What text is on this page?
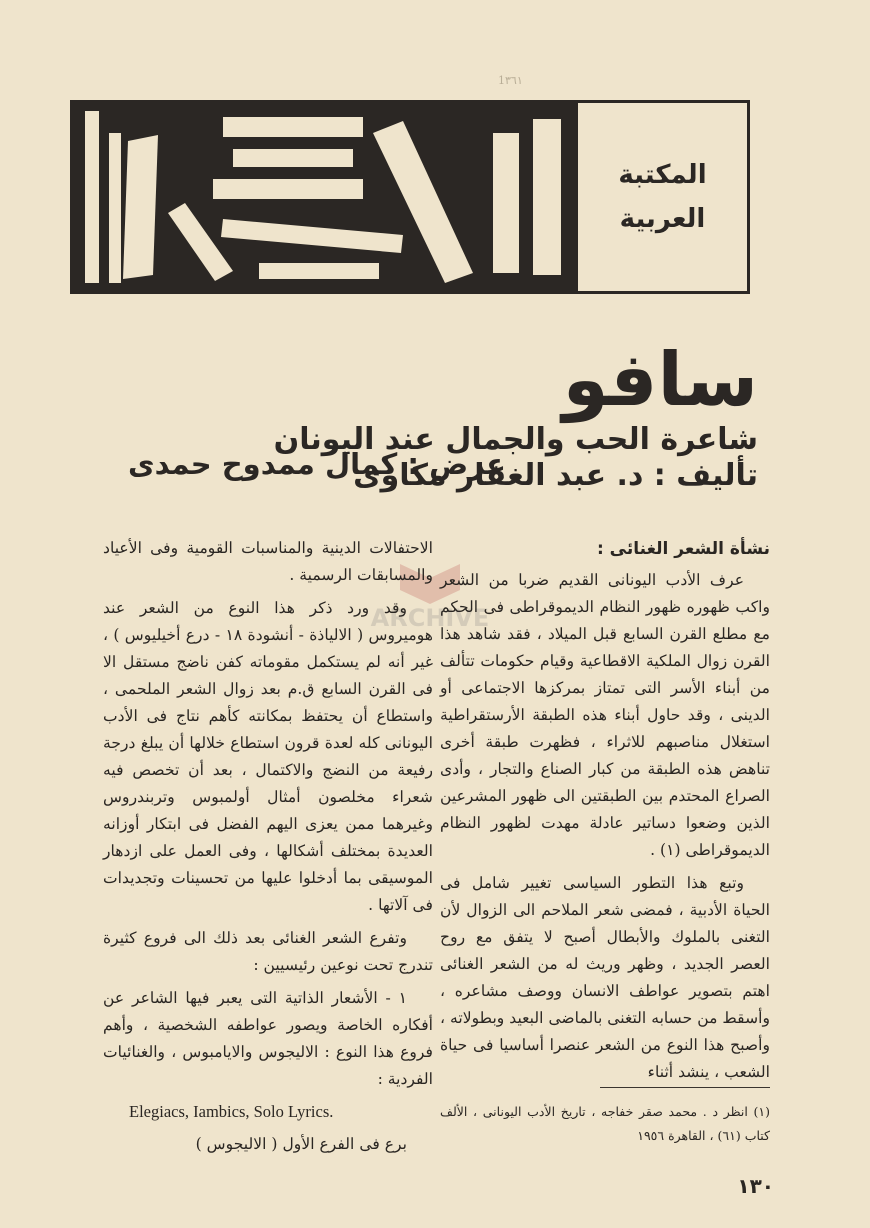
1٣٦١
المكتبة
العربية
سافو
شاعرة الحب والجمال عند اليونان
تأليف : د. عبد الغفار مكاوى
عرض : كمال ممدوح حمدى
ARCHIVE
نشأة الشعر الغنائى :

عرف الأدب اليونانى القديم ضربا من الشعر واكب ظهوره ظهور النظام الديموقراطى فى الحكم مع مطلع القرن السابع قبل الميلاد ، فقد شاهد هذا القرن زوال الملكية الاقطاعية وقيام حكومات تتألف من أبناء الأسر التى تمتاز بمركزها الاجتماعى أو الدينى ، وقد حاول أبناء هذه الطبقة الأرستقراطية استغلال مناصبهم للاثراء ، فظهرت طبقة أخرى تناهض هذه الطبقة من كبار الصناع والتجار ، وأدى الصراع المحتدم بين الطبقتين الى ظهور المشرعين الذين وضعوا دساتير عادلة مهدت لظهور النظام الديموقراطى (١) .

وتبع هذا التطور السياسى تغيير شامل فى الحياة الأدبية ، فمضى شعر الملاحم الى الزوال لأن التغنى بالملوك والأبطال أصبح لا يتفق مع روح العصر الجديد ، وظهر وريث له من الشعر الغنائى اهتم بتصوير عواطف الانسان ووصف مشاعره ، وأسقط من حسابه التغنى بالماضى البعيد وبطولاته ، وأصبح هذا النوع من الشعر عنصرا أساسيا فى حياة الشعب ، ينشد أثناء

الاحتفالات الدينية والمناسبات القومية وفى الأعياد والمسابقات الرسمية .

وقد ورد ذكر هذا النوع من الشعر عند هوميروس ( الالياذة - أنشودة ١٨ - درع أخيليوس ) ، غير أنه لم يستكمل مقوماته كفن ناضج مستقل الا فى القرن السابع ق.م بعد زوال الشعر الملحمى ، واستطاع أن يحتفظ بمكانته كأهم نتاج فى الأدب اليونانى كله لعدة قرون استطاع خلالها أن يبلغ درجة رفيعة من النضج والاكتمال ، بعد أن تخصص فيه شعراء مخلصون أمثال أولمبوس وتربندروس وغيرهما ممن يعزى اليهم الفضل فى ابتكار أوزانه العديدة بمختلف أشكالها ، وفى العمل على ازدهار الموسيقى بما أدخلوا عليها من تحسينات وتجديدات فى آلاتها .

وتفرع الشعر الغنائى بعد ذلك الى فروع كثيرة تندرج تحت نوعين رئيسيين :

١ - الأشعار الذاتية التى يعبر فيها الشاعر عن أفكاره الخاصة ويصور عواطفه الشخصية ، وأهم فروع هذا النوع : الاليجوس والايامبوس ، والغنائيات الفردية :

Elegiacs, Iambics, Solo Lyrics.

برع فى الفرع الأول ( الاليجوس )

(١) انظر د . محمد صقر خفاجه ، تاريخ الأدب اليونانى ، الألف كتاب (٦١) ، القاهرة ١٩٥٦
١٣٠
